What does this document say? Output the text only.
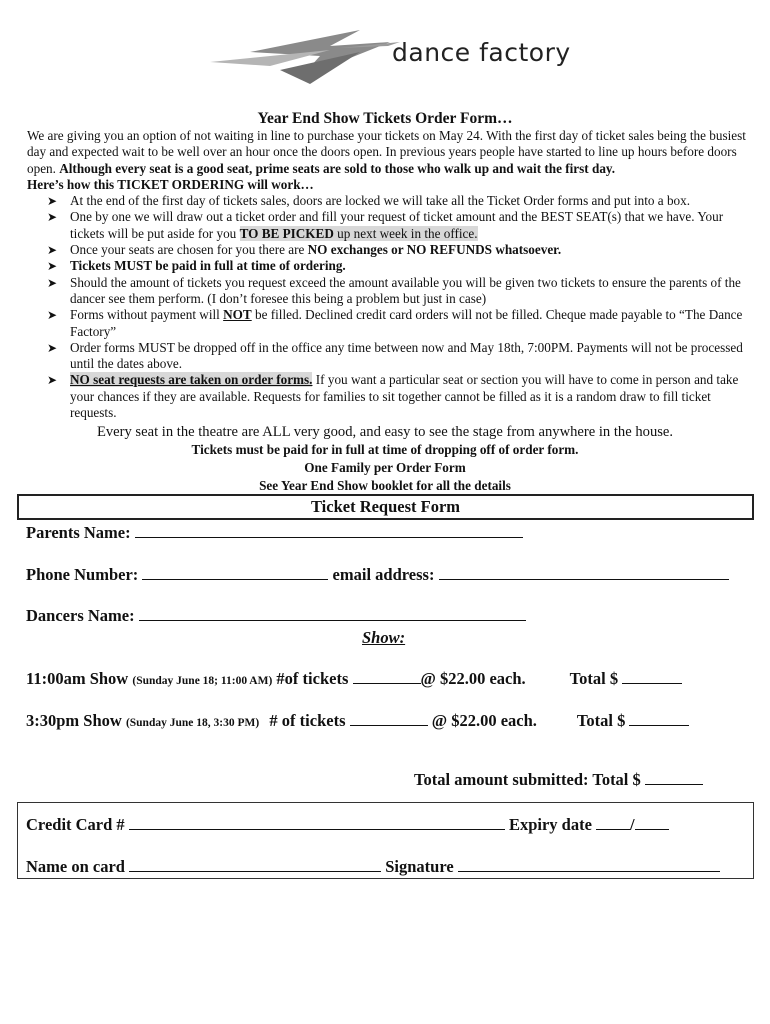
dance factory
Year End Show Tickets Order Form…

We are giving you an option of not waiting in line to purchase your tickets on May 24. With the first day of ticket sales being the busiest day and expected wait to be well over an hour once the doors open. In previous years people have started to line up hours before doors open. Although every seat is a good seat, prime seats are sold to those who walk up and wait the first day.

Here’s how this TICKET ORDERING will work…

➤ At the end of the first day of tickets sales, doors are locked we will take all the Ticket Order forms and put into a box.
➤ One by one we will draw out a ticket order and fill your request of ticket amount and the BEST SEAT(s) that we have. Your tickets will be put aside for you TO BE PICKED up next week in the office.
➤ Once your seats are chosen for you there are NO exchanges or NO REFUNDS whatsoever.
➤ Tickets MUST be paid in full at time of ordering.
➤ Should the amount of tickets you request exceed the amount available you will be given two tickets to ensure the parents of the dancer see them perform. (I don’t foresee this being a problem but just in case)
➤ Forms without payment will NOT be filled. Declined credit card orders will not be filled. Cheque made payable to “The Dance Factory”
➤ Order forms MUST be dropped off in the office any time between now and May 18th, 7:00PM. Payments will not be processed until the dates above.
➤ NO seat requests are taken on order forms. If you want a particular seat or section you will have to come in person and take your chances if they are available. Requests for families to sit together cannot be filled as it is a random draw to fill ticket requests.
Every seat in the theatre are ALL very good, and easy to see the stage from anywhere in the house.
Tickets must be paid for in full at time of dropping off of order form.
One Family per Order Form
See Year End Show booklet for all the details
Ticket Request Form
Parents Name:
Phone Number:	email address:
Dancers Name:
Show:
11:00am Show (Sunday June 18; 11:00 AM) #of tickets	@ $22.00 each.	Total $
3:30pm Show (Sunday June 18, 3:30 PM) # of tickets	@ $22.00 each. Total $
Total amount submitted: Total $
Credit Card #	Expiry date /
Name on card	Signature
